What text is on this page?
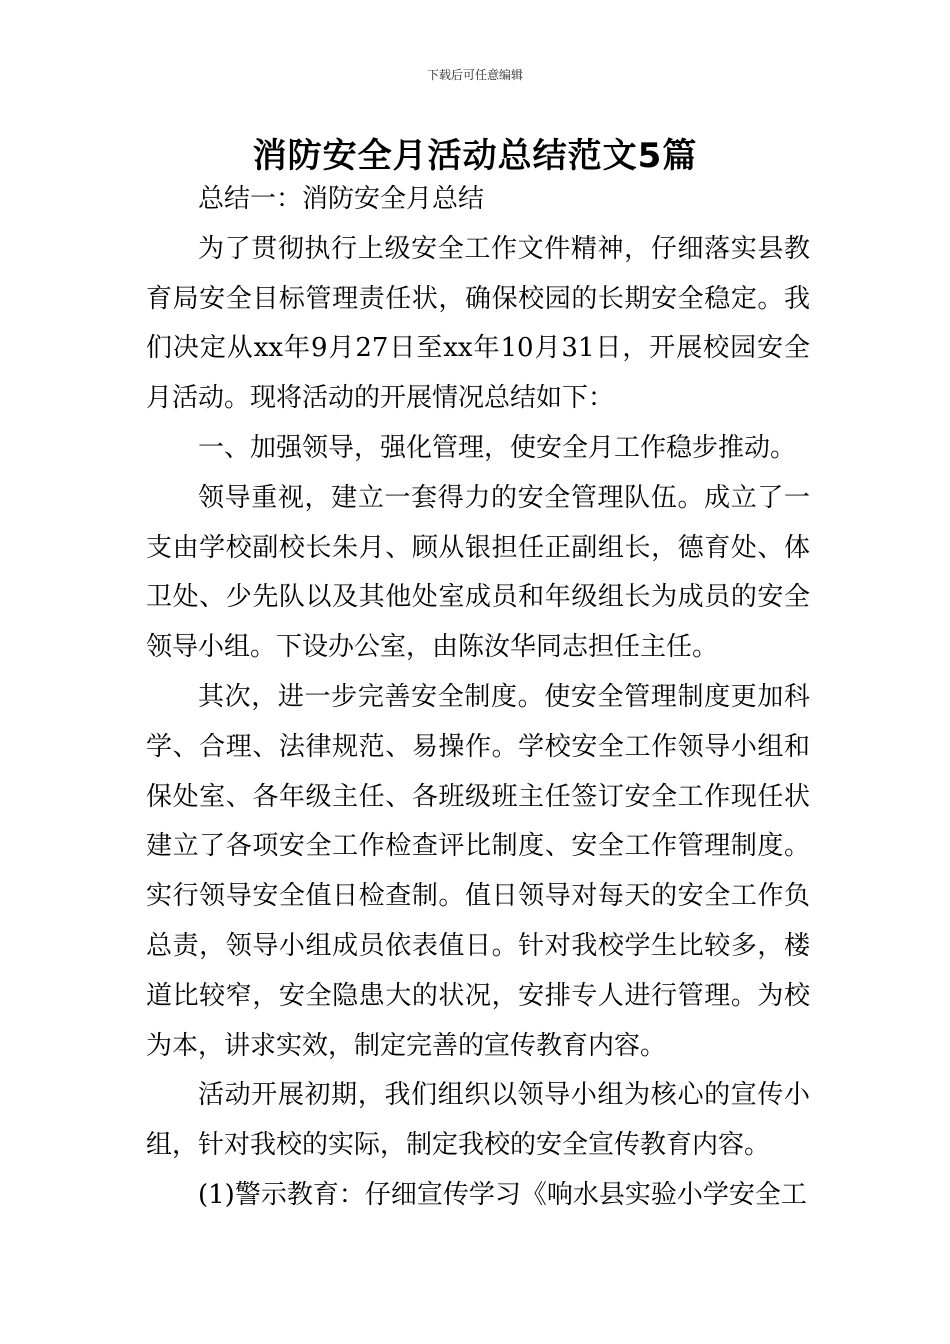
下载后可任意编辑
消防安全月活动总结范文5篇

总结一：消防安全月总结

为了贯彻执行上级安全工作文件精神，仔细落实县教育局安全目标管理责任状，确保校园的长期安全稳定。我们决定从xx年9月27日至xx年10月31日，开展校园安全月活动。现将活动的开展情况总结如下：

一、加强领导，强化管理，使安全月工作稳步推动。

领导重视，建立一套得力的安全管理队伍。成立了一支由学校副校长朱月、顾从银担任正副组长，德育处、体卫处、少先队以及其他处室成员和年级组长为成员的安全领导小组。下设办公室，由陈汝华同志担任主任。

其次，进一步完善安全制度。使安全管理制度更加科学、合理、法律规范、易操作。学校安全工作领导小组和保处室、各年级主任、各班级班主任签订安全工作现任状建立了各项安全工作检查评比制度、安全工作管理制度。实行领导安全值日检查制。值日领导对每天的安全工作负总责，领导小组成员依表值日。针对我校学生比较多，楼道比较窄，安全隐患大的状况，安排专人进行管理。为校为本，讲求实效，制定完善的宣传教育内容。

活动开展初期，我们组织以领导小组为核心的宣传小组，针对我校的实际，制定我校的安全宣传教育内容。

(1)警示教育：仔细宣传学习《响水县实验小学安全工
